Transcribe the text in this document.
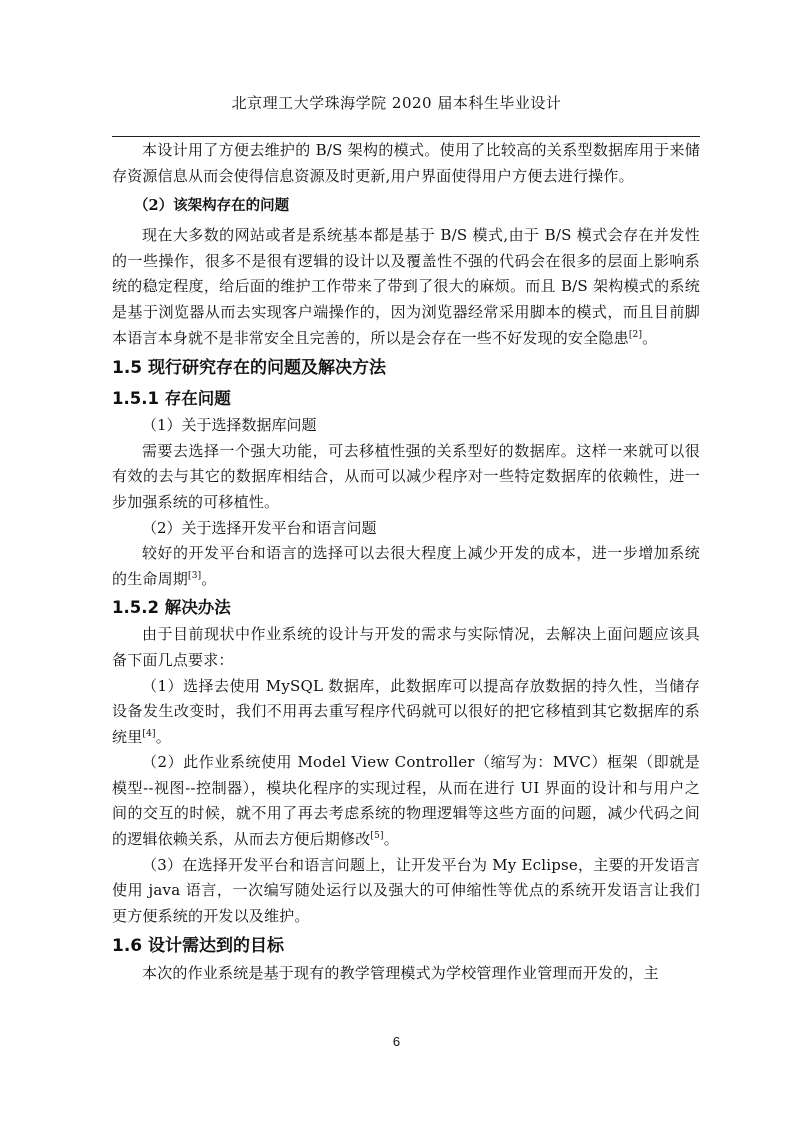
北京理工大学珠海学院 2020 届本科生毕业设计

本设计用了方便去维护的 B/S 架构的模式。使用了比较高的关系型数据库用于来储存资源信息从而会使得信息资源及时更新,用户界面使得用户方便去进行操作。

（2）该架构存在的问题

现在大多数的网站或者是系统基本都是基于 B/S 模式,由于 B/S 模式会存在并发性的一些操作，很多不是很有逻辑的设计以及覆盖性不强的代码会在很多的层面上影响系统的稳定程度，给后面的维护工作带来了带到了很大的麻烦。而且 B/S 架构模式的系统是基于浏览器从而去实现客户端操作的，因为浏览器经常采用脚本的模式，而且目前脚本语言本身就不是非常安全且完善的，所以是会存在一些不好发现的安全隐患[2]。

1.5 现行研究存在的问题及解决方法
1.5.1 存在问题

（1）关于选择数据库问题

需要去选择一个强大功能，可去移植性强的关系型好的数据库。这样一来就可以很有效的去与其它的数据库相结合，从而可以减少程序对一些特定数据库的依赖性，进一步加强系统的可移植性。

（2）关于选择开发平台和语言问题

较好的开发平台和语言的选择可以去很大程度上减少开发的成本，进一步增加系统的生命周期[3]。

1.5.2 解决办法

由于目前现状中作业系统的设计与开发的需求与实际情况，去解决上面问题应该具备下面几点要求：

（1）选择去使用 MySQL 数据库，此数据库可以提高存放数据的持久性，当储存设备发生改变时，我们不用再去重写程序代码就可以很好的把它移植到其它数据库的系统里[4]。

（2）此作业系统使用 Model View Controller（缩写为：MVC）框架（即就是模型--视图--控制器），模块化程序的实现过程，从而在进行 UI 界面的设计和与用户之间的交互的时候，就不用了再去考虑系统的物理逻辑等这些方面的问题，减少代码之间的逻辑依赖关系，从而去方便后期修改[5]。

（3）在选择开发平台和语言问题上，让开发平台为 My Eclipse，主要的开发语言使用 java 语言，一次编写随处运行以及强大的可伸缩性等优点的系统开发语言让我们更方便系统的开发以及维护。

1.6 设计需达到的目标

本次的作业系统是基于现有的教学管理模式为学校管理作业管理而开发的，主

6
